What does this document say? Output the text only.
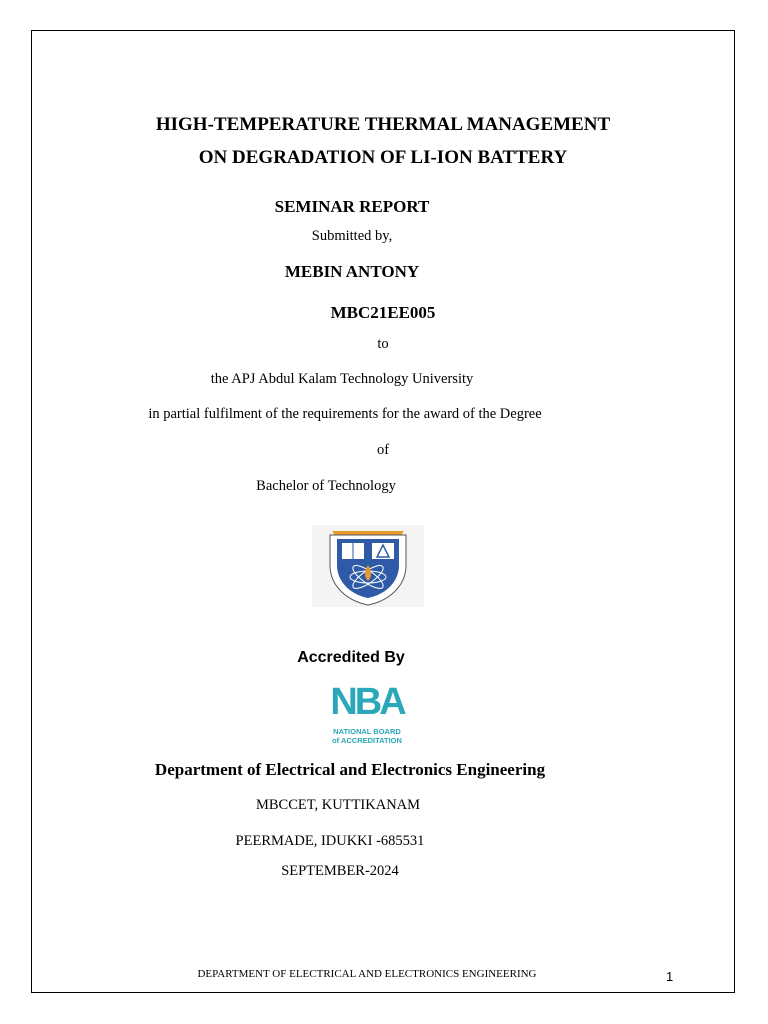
HIGH-TEMPERATURE THERMAL MANAGEMENT
ON DEGRADATION OF LI-ION BATTERY
SEMINAR REPORT
Submitted by,
MEBIN ANTONY
MBC21EE005
to
the APJ Abdul Kalam Technology University
in partial fulfilment of the requirements for the award of the Degree
of
Bachelor of Technology
Accredited By
NBA
NATIONAL BOARD
of ACCREDITATION
Department of Electrical and Electronics Engineering
MBCCET, KUTTIKANAM
PEERMADE, IDUKKI -685531
SEPTEMBER-2024
DEPARTMENT OF ELECTRICAL AND ELECTRONICS ENGINEERING	1
